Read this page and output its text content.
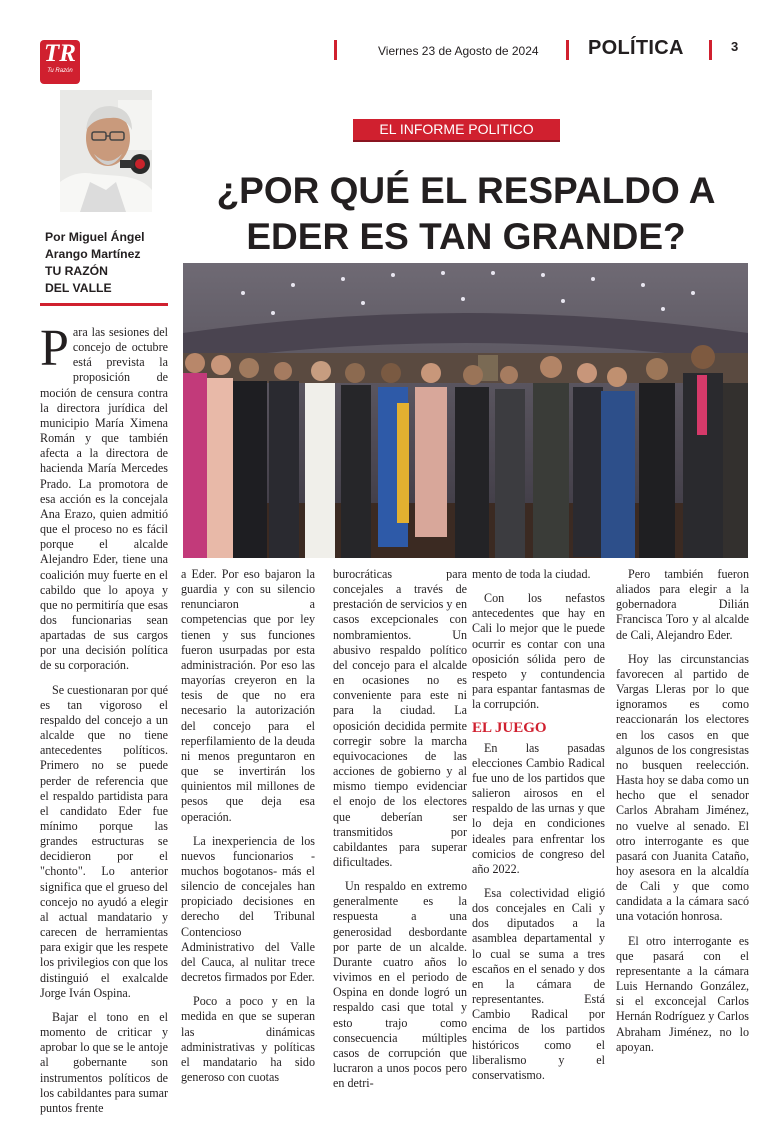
TR
Tu Razón
Viernes 23 de Agosto de 2024 POLÍTICA	3
Por Miguel Ángel
Arango Martínez
TU RAZÓN
DEL VALLE
EL INFORME POLITICO
¿POR QUÉ EL RESPALDO A EDER ES TAN GRANDE?

Para las sesiones del concejo de octubre está prevista la proposición de moción de censura contra la directora jurídica del municipio María Ximena Román y que también afecta a la directora de hacienda María Mercedes Prado. La promotora de esa acción es la concejala Ana Erazo, quien admitió que el proceso no es fácil porque el alcalde Alejandro Eder, tiene una coalición muy fuerte en el cabildo que lo apoya y que no permitiría que esas dos funcionarias sean apartadas de sus cargos por una decisión política de su corporación.

Se cuestionaran por qué es tan vigoroso el respaldo del concejo a un alcalde que no tiene antecedentes políticos. Primero no se puede perder de referencia que el respaldo partidista para el candidato Eder fue mínimo porque las grandes estructuras se decidieron por el "chonto". Lo anterior significa que el grueso del concejo no ayudó a elegir al actual mandatario y carecen de herramientas para exigir que les respete los privilegios con que los distinguió el exalcalde Jorge Iván Ospina.

Bajar el tono en el momento de criticar y aprobar lo que se le antoje al gobernante son instrumentos políticos de los cabildantes para sumar puntos frente

a Eder. Por eso bajaron la guardia y con su silencio renunciaron a competencias que por ley tienen y sus funciones fueron usurpadas por esta administración. Por eso las mayorías creyeron en la tesis de que no era necesario la autorización del concejo para el reperfilamiento de la deuda ni menos preguntaron en que se invertirán los quinientos mil millones de pesos que deja esa operación.

La inexperiencia de los nuevos funcionarios -muchos bogotanos- más el silencio de concejales han propiciado decisiones en derecho del Tribunal Contencioso Administrativo del Valle del Cauca, al nulitar trece decretos firmados por Eder.

Poco a poco y en la medida en que se superan las dinámicas administrativas y políticas el mandatario ha sido generoso con cuotas

burocráticas para concejales a través de prestación de servicios y en casos excepcionales con nombramientos. Un abusivo respaldo político del concejo para el alcalde en ocasiones no es conveniente para este ni para la ciudad. La oposición decidida permite corregir sobre la marcha equivocaciones de las acciones de gobierno y al mismo tiempo evidenciar el enojo de los electores que deberían ser transmitidos por cabildantes para superar dificultades.

Un respaldo en extremo generalmente es la respuesta a una generosidad desbordante por parte de un alcalde. Durante cuatro años lo vivimos en el periodo de Ospina en donde logró un respaldo casi que total y esto trajo como consecuencia múltiples casos de corrupción que lucraron a unos pocos pero en detri-

mento de toda la ciudad.

Con los nefastos antecedentes que hay en Cali lo mejor que le puede ocurrir es contar con una oposición sólida pero de respeto y contundencia para espantar fantasmas de la corrupción.

EL JUEGO

En las pasadas elecciones Cambio Radical fue uno de los partidos que salieron airosos en el respaldo de las urnas y que lo deja en condiciones ideales para enfrentar los comicios de congreso del año 2022.

Esa colectividad eligió dos concejales en Cali y dos diputados a la asamblea departamental y lo cual se suma a tres escaños en el senado y dos en la cámara de representantes. Está Cambio Radical por encima de los partidos históricos como el liberalismo y el conservatismo.

Pero también fueron aliados para elegir a la gobernadora Dilián Francisca Toro y al alcalde de Cali, Alejandro Eder.

Hoy las circunstancias favorecen al partido de Vargas Lleras por lo que ignoramos es como reaccionarán los electores en los casos en que algunos de los congresistas no busquen reelección. Hasta hoy se daba como un hecho que el senador Carlos Abraham Jiménez, no vuelve al senado. El otro interrogante es que pasará con Juanita Cataño, hoy asesora en la alcaldía de Cali y que como candidata a la cámara sacó una votación honrosa.

El otro interrogante es que pasará con el representante a la cámara Luis Hernando González, si el exconcejal Carlos Hernán Rodríguez y Carlos Abraham Jiménez, no lo apoyan.
